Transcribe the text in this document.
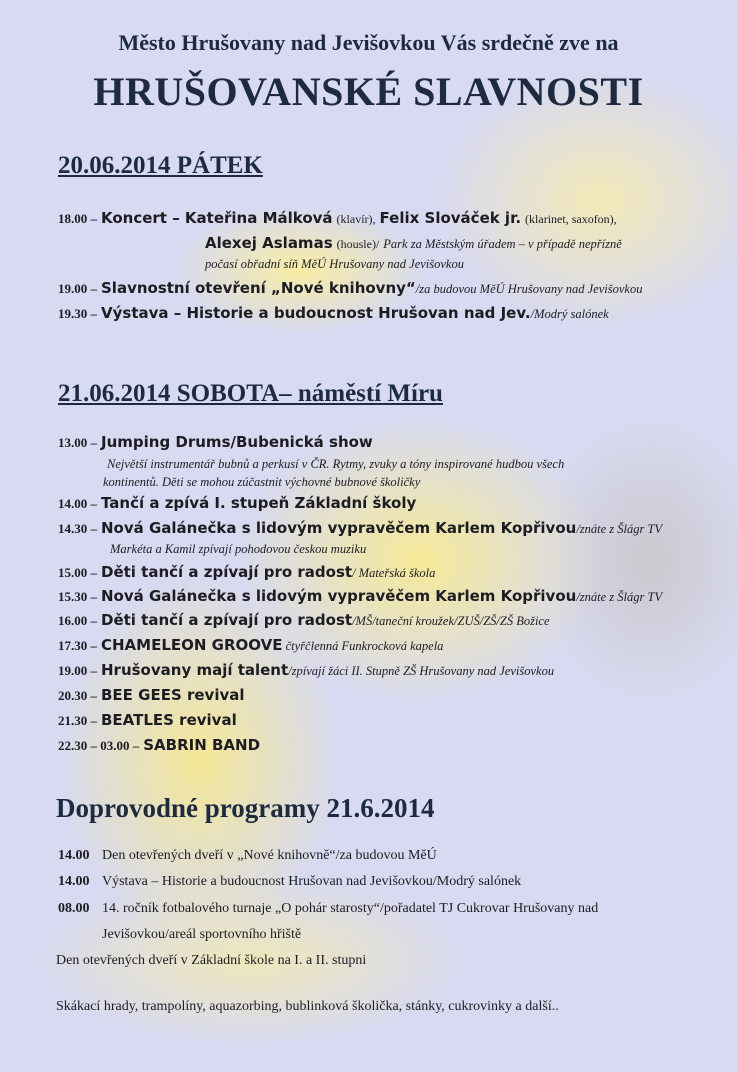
Město Hrušovany nad Jevišovkou Vás srdečně zve na
HRUŠOVANSKÉ SLAVNOSTI
20.06.2014 PÁTEK
18.00 – Koncert – Kateřina Málková (klavír), Felix Slováček jr. (klarinet, saxofon),
Alexej Aslamas (housle)/ Park za Městským úřadem – v případě nepřízně
počasí obřadní síň MěÚ Hrušovany nad Jevišovkou
19.00 – Slavnostní otevření „Nové knihovny“/za budovou MěÚ Hrušovany nad Jevišovkou
19.30 – Výstava – Historie a budoucnost Hrušovan nad Jev./Modrý salónek
21.06.2014 SOBOTA– náměstí Míru
13.00 – Jumping Drums/Bubenická show
Největší instrumentář bubnů a perkusí v ČR. Rytmy, zvuky a tóny inspirované hudbou všech
kontinentů. Děti se mohou zúčastnit výchovné bubnové školičky
14.00 – Tančí a zpívá I. stupeň Základní školy
14.30 – Nová Galánečka s lidovým vypravěčem Karlem Kopřivou/znáte z Šlágr TV
Markéta a Kamil zpívají pohodovou českou muziku
15.00 – Děti tančí a zpívají pro radost/ Mateřská škola
15.30 – Nová Galánečka s lidovým vypravěčem Karlem Kopřivou/znáte z Šlágr TV
16.00 – Děti tančí a zpívají pro radost/MŠ/taneční kroužek/ZUŠ/ZŠ/ZŠ Božice
17.30 – CHAMELEON GROOVE čtyřčlenná Funkrocková kapela
19.00 – Hrušovany mají talent/zpívají žáci II. Stupně ZŠ Hrušovany nad Jevišovkou
20.30 – BEE GEES revival
21.30 – BEATLES revival
22.30 – 03.00 – SABRIN BAND
Doprovodné programy 21.6.2014
14.00 Den otevřených dveří v „Nové knihovně“/za budovou MěÚ
14.00 Výstava – Historie a budoucnost Hrušovan nad Jevišovkou/Modrý salónek
08.00 14. ročník fotbalového turnaje „O pohár starosty“/pořadatel TJ Cukrovar Hrušovany nad
Jevišovkou/areál sportovního hřiště
Den otevřených dveří v Základní škole na I. a II. stupni
Skákací hrady, trampolíny, aquazorbing, bublinková školička, stánky, cukrovinky a další..
